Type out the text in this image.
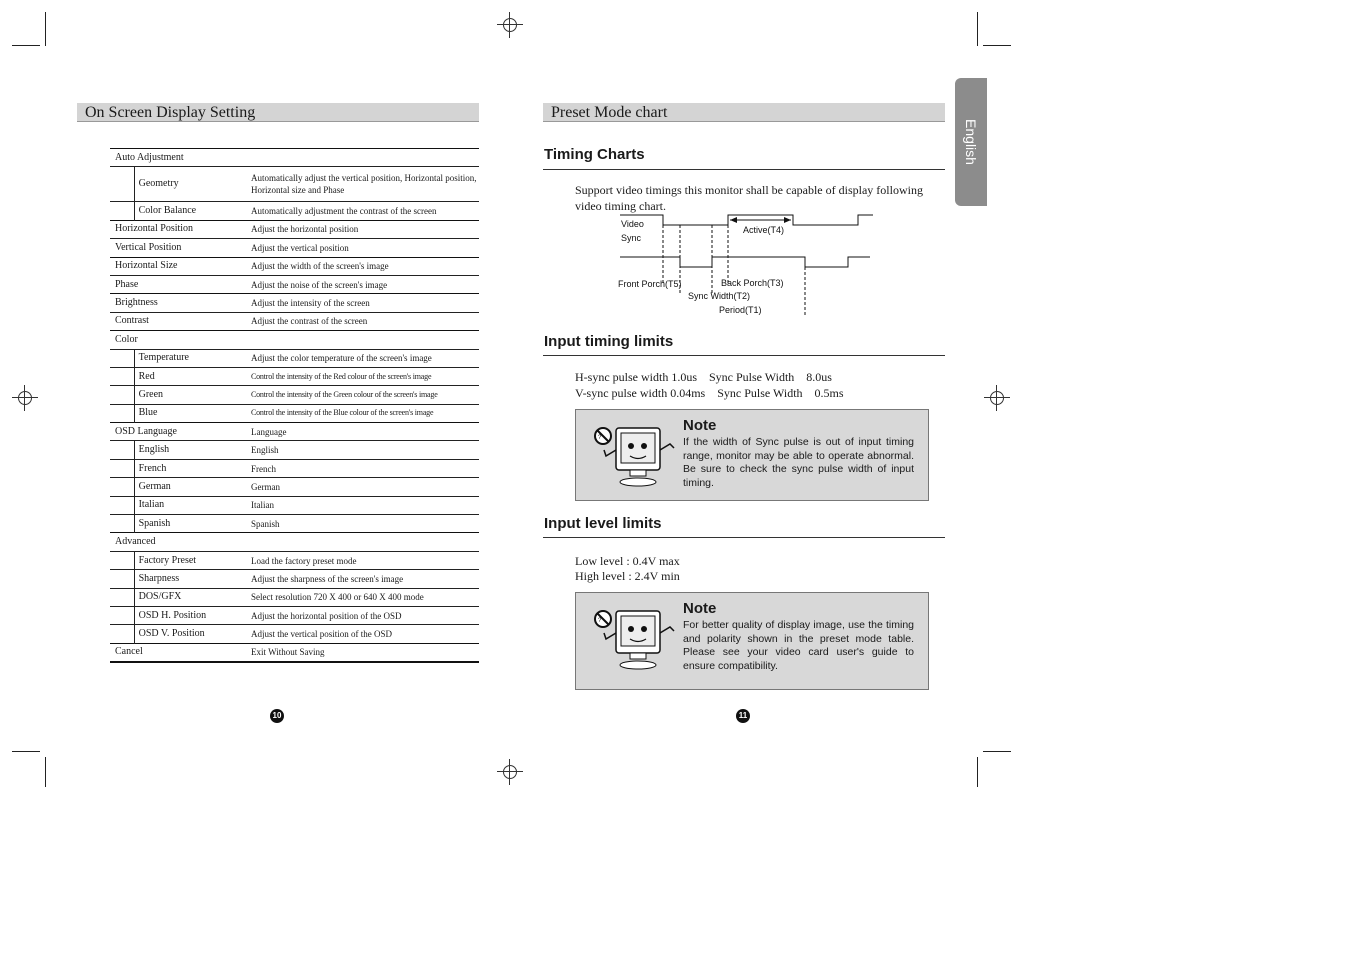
On Screen Display Setting
Auto Adjustment		
	Geometry	Automatically adjust the vertical position, Horizontal position, Horizontal size and Phase
	Color Balance	Automatically adjustment the contrast of the screen
Horizontal Position		Adjust the horizontal position
Vertical Position		Adjust the vertical position
Horizontal Size		Adjust the width of the screen's image
Phase		Adjust the noise of the screen's image
Brightness		Adjust the intensity of the screen
Contrast		Adjust the contrast of the screen
Color		
	Temperature	Adjust the color temperature of the screen's image
	Red	Control the intensity of the Red colour of the screen's image
	Green	Control the intensity of the Green colour of the screen's image
	Blue	Control the intensity of the Blue colour of the screen's image
OSD Language		Language
	English	English
	French	French
	German	German
	Italian	Italian
	Spanish	Spanish
Advanced		
	Factory Preset	Load the factory preset mode
	Sharpness	Adjust the sharpness of the screen's image
	DOS/GFX	Select resolution 720 X 400 or 640 X 400 mode
	OSD H. Position	Adjust the horizontal position of the OSD
	OSD V. Position	Adjust the vertical position of the OSD
Cancel		Exit Without Saving
10
Preset Mode chart
English
Timing Charts
Support video timings this monitor shall be capable of display following video timing chart.
Video
Sync
Active(T4)
Front Porch(T5)	Back Porch(T3)
Sync Width(T2)
Period(T1)
Input timing limits
H-sync pulse width 1.0us    Sync Pulse Width    8.0us
V-sync pulse width 0.04ms    Sync Pulse Width    0.5ms
?
Note
If the width of Sync pulse is out of input timing range, monitor may be able to operate abnormal. Be sure to check the sync pulse width of input timing.
Input level limits
Low level : 0.4V max
High level : 2.4V min
?
Note
For better quality of display image, use the timing and polarity shown in the preset mode table. Please see your video card user's guide to ensure compatibility.
11
